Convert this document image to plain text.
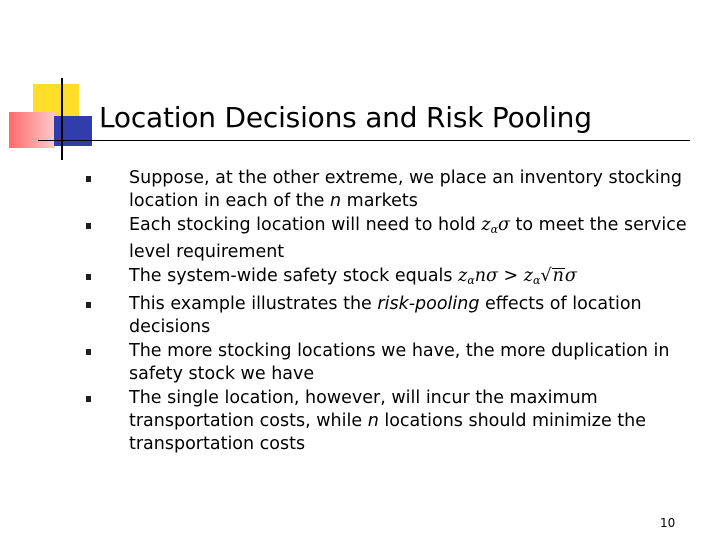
Location Decisions and Risk Pooling
Suppose, at the other extreme, we place an inventory stocking location in each of the n markets
Each stocking location will need to hold $z_\alpha\sigma$ to meet the service level requirement
The system-wide safety stock equals $z_\alpha n\sigma > z_\alpha√n\sigma$
This example illustrates the risk-pooling effects of location decisions
The more stocking locations we have, the more duplication in safety stock we have
The single location, however, will incur the maximum transportation costs, while n locations should minimize the transportation costs
10
